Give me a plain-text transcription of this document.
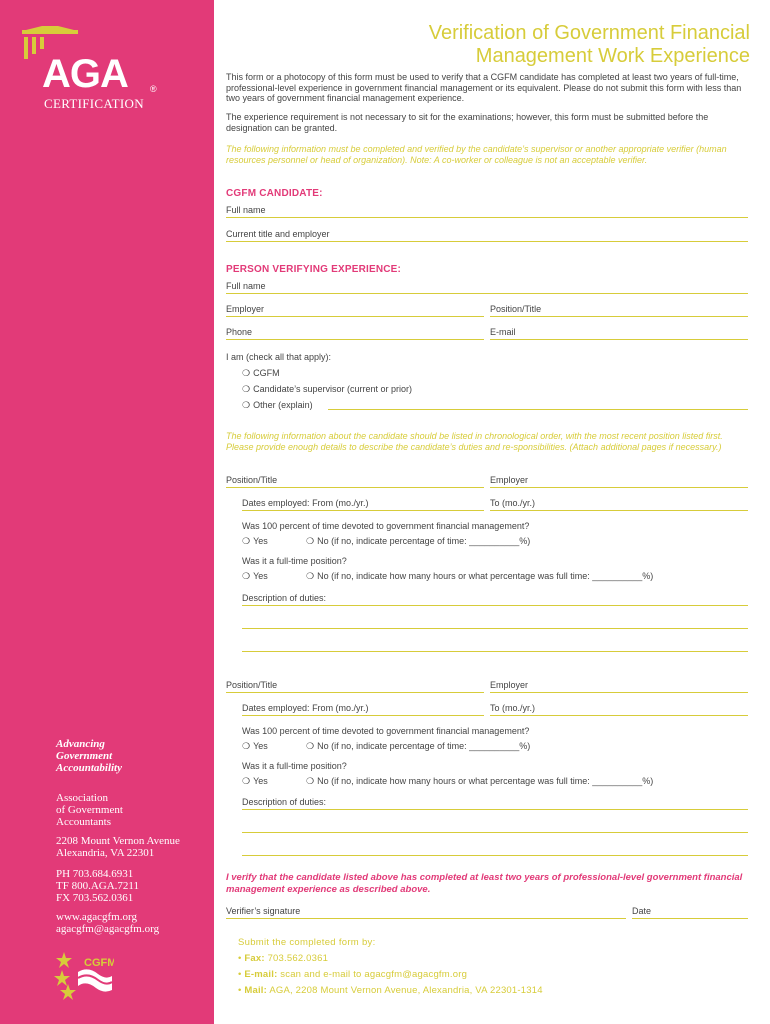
AGA ®
CERTIFICATION
Advancing
Government
Accountability
Association
of Government
Accountants
2208 Mount Vernon Avenue
Alexandria, VA 22301
PH 703.684.6931
TF 800.AGA.7211
FX 703.562.0361
www.agacgfm.org
agacgfm@agacgfm.org
CGFM
Verification of Government Financial
Management Work Experience
This form or a photocopy of this form must be used to verify that a CGFM candidate has completed at least two years of full-time, professional-level experience in government financial management or its equivalent. Please do not submit this form with less than two years of government financial management experience.
The experience requirement is not necessary to sit for the examinations; however, this form must be submitted before the designation can be granted.
The following information must be completed and verified by the candidate’s supervisor or another appropriate verifier (human resources personnel or head of organization). Note: A co-worker or colleague is not an acceptable verifier.
CGFM CANDIDATE:
Full name
Current title and employer
PERSON VERIFYING EXPERIENCE:
Full name
Employer	Position/Title
Phone	E-mail
I am (check all that apply):
❍ CGFM
❍ Candidate’s supervisor (current or prior)
❍ Other (explain)
The following information about the candidate should be listed in chronological order, with the most recent position listed first. Please provide enough details to describe the candidate’s duties and re-sponsibilities. (Attach additional pages if necessary.)
Position/Title	Employer
Dates employed: From (mo./yr.)	To (mo./yr.)
Was 100 percent of time devoted to government financial management?
❍ Yes	❍ No (if no, indicate percentage of time: __________%)
Was it a full-time position?
❍ Yes	❍ No (if no, indicate how many hours or what percentage was full time: __________%)
Description of duties:
Position/Title	Employer
Dates employed: From (mo./yr.)	To (mo./yr.)
Was 100 percent of time devoted to government financial management?
❍ Yes	❍ No (if no, indicate percentage of time: __________%)
Was it a full-time position?
❍ Yes	❍ No (if no, indicate how many hours or what percentage was full time: __________%)
Description of duties:
I verify that the candidate listed above has completed at least two years of professional-level government financial management experience as described above.
Verifier’s signature	Date
Submit the completed form by:
• Fax: 703.562.0361
• E-mail: scan and e-mail to agacgfm@agacgfm.org
• Mail: AGA, 2208 Mount Vernon Avenue, Alexandria, VA 22301-1314
